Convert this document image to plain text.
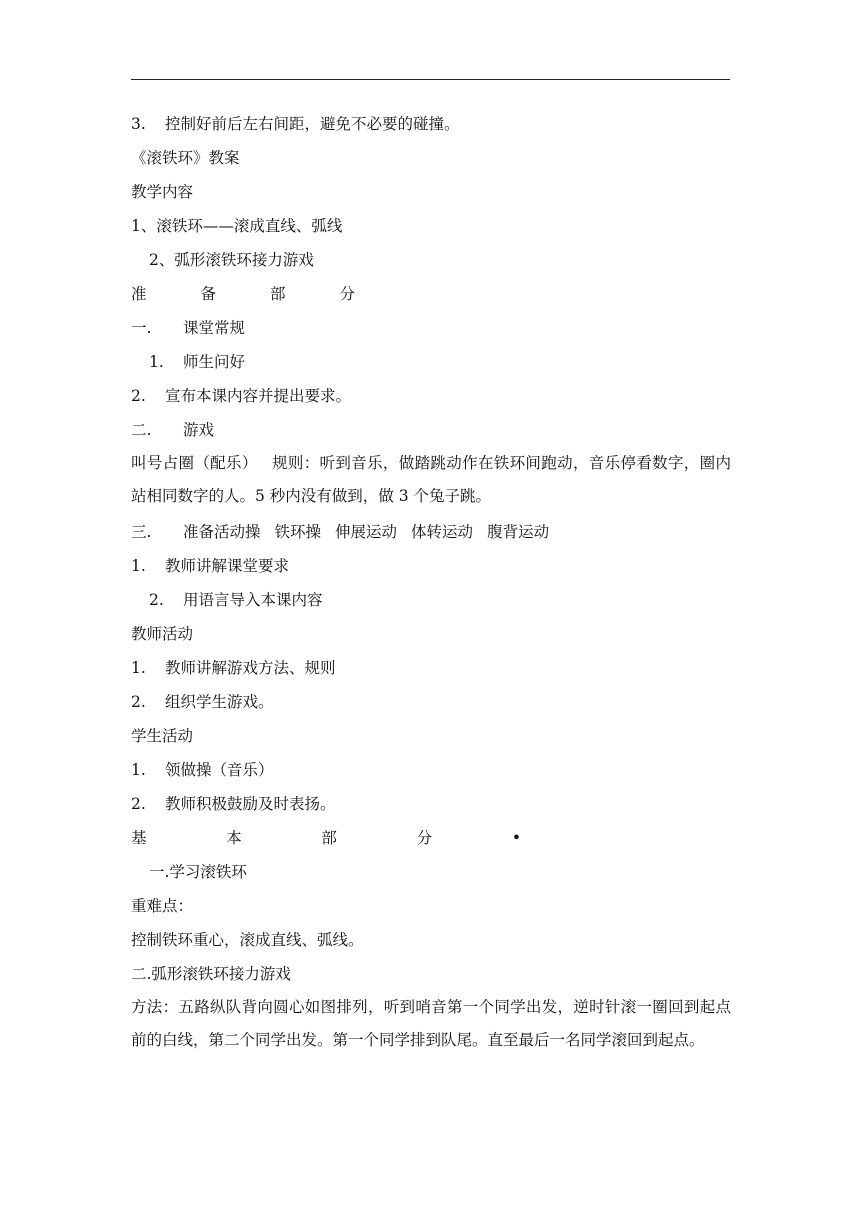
3. 控制好前后左右间距，避免不必要的碰撞。
《滚铁环》教案
教学内容
1、滚铁环——滚成直线、弧线
2、弧形滚铁环接力游戏
准	备	部	分
一. 课堂常规
1. 师生问好
2. 宣布本课内容并提出要求。
二. 游戏
叫号占圈（配乐） 规则：听到音乐，做踏跳动作在铁环间跑动，音乐停看数字，圈内站相同数字的人。5 秒内没有做到，做 3 个兔子跳。
三. 准备活动操 铁环操 伸展运动 体转运动 腹背运动
1. 教师讲解课堂要求
2. 用语言导入本课内容
教师活动
1. 教师讲解游戏方法、规则
2. 组织学生游戏。
学生活动
1. 领做操（音乐）
2. 教师积极鼓励及时表扬。
基	本	部	分	•
一.学习滚铁环
重难点：
控制铁环重心，滚成直线、弧线。
二.弧形滚铁环接力游戏
方法：五路纵队背向圆心如图排列，听到哨音第一个同学出发，逆时针滚一圈回到起点前的白线，第二个同学出发。第一个同学排到队尾。直至最后一名同学滚回到起点。
